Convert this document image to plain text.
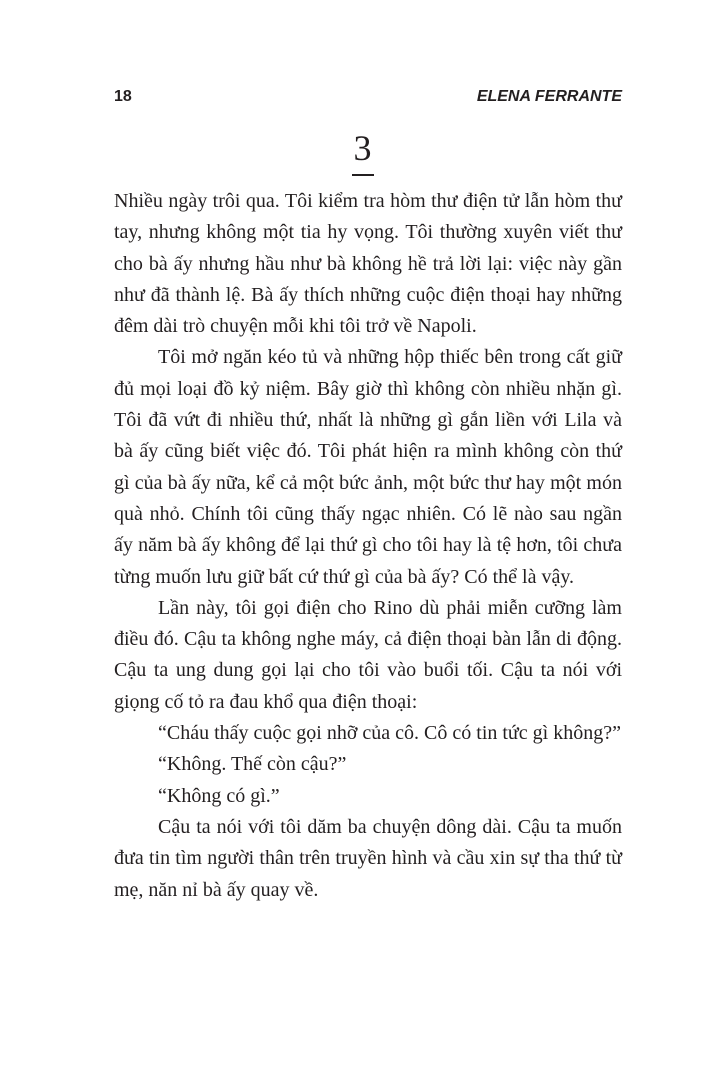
18	ELENA FERRANTE
3

Nhiều ngày trôi qua. Tôi kiểm tra hòm thư điện tử lẫn hòm thư tay, nhưng không một tia hy vọng. Tôi thường xuyên viết thư cho bà ấy nhưng hầu như bà không hề trả lời lại: việc này gần như đã thành lệ. Bà ấy thích những cuộc điện thoại hay những đêm dài trò chuyện mỗi khi tôi trở về Napoli.

Tôi mở ngăn kéo tủ và những hộp thiếc bên trong cất giữ đủ mọi loại đồ kỷ niệm. Bây giờ thì không còn nhiều nhặn gì. Tôi đã vứt đi nhiều thứ, nhất là những gì gắn liền với Lila và bà ấy cũng biết việc đó. Tôi phát hiện ra mình không còn thứ gì của bà ấy nữa, kể cả một bức ảnh, một bức thư hay một món quà nhỏ. Chính tôi cũng thấy ngạc nhiên. Có lẽ nào sau ngần ấy năm bà ấy không để lại thứ gì cho tôi hay là tệ hơn, tôi chưa từng muốn lưu giữ bất cứ thứ gì của bà ấy? Có thể là vậy.

Lần này, tôi gọi điện cho Rino dù phải miễn cưỡng làm điều đó. Cậu ta không nghe máy, cả điện thoại bàn lẫn di động. Cậu ta ung dung gọi lại cho tôi vào buổi tối. Cậu ta nói với giọng cố tỏ ra đau khổ qua điện thoại:

“Cháu thấy cuộc gọi nhỡ của cô. Cô có tin tức gì không?”

“Không. Thế còn cậu?”

“Không có gì.”

Cậu ta nói với tôi dăm ba chuyện dông dài. Cậu ta muốn đưa tin tìm người thân trên truyền hình và cầu xin sự tha thứ từ mẹ, năn nỉ bà ấy quay về.
